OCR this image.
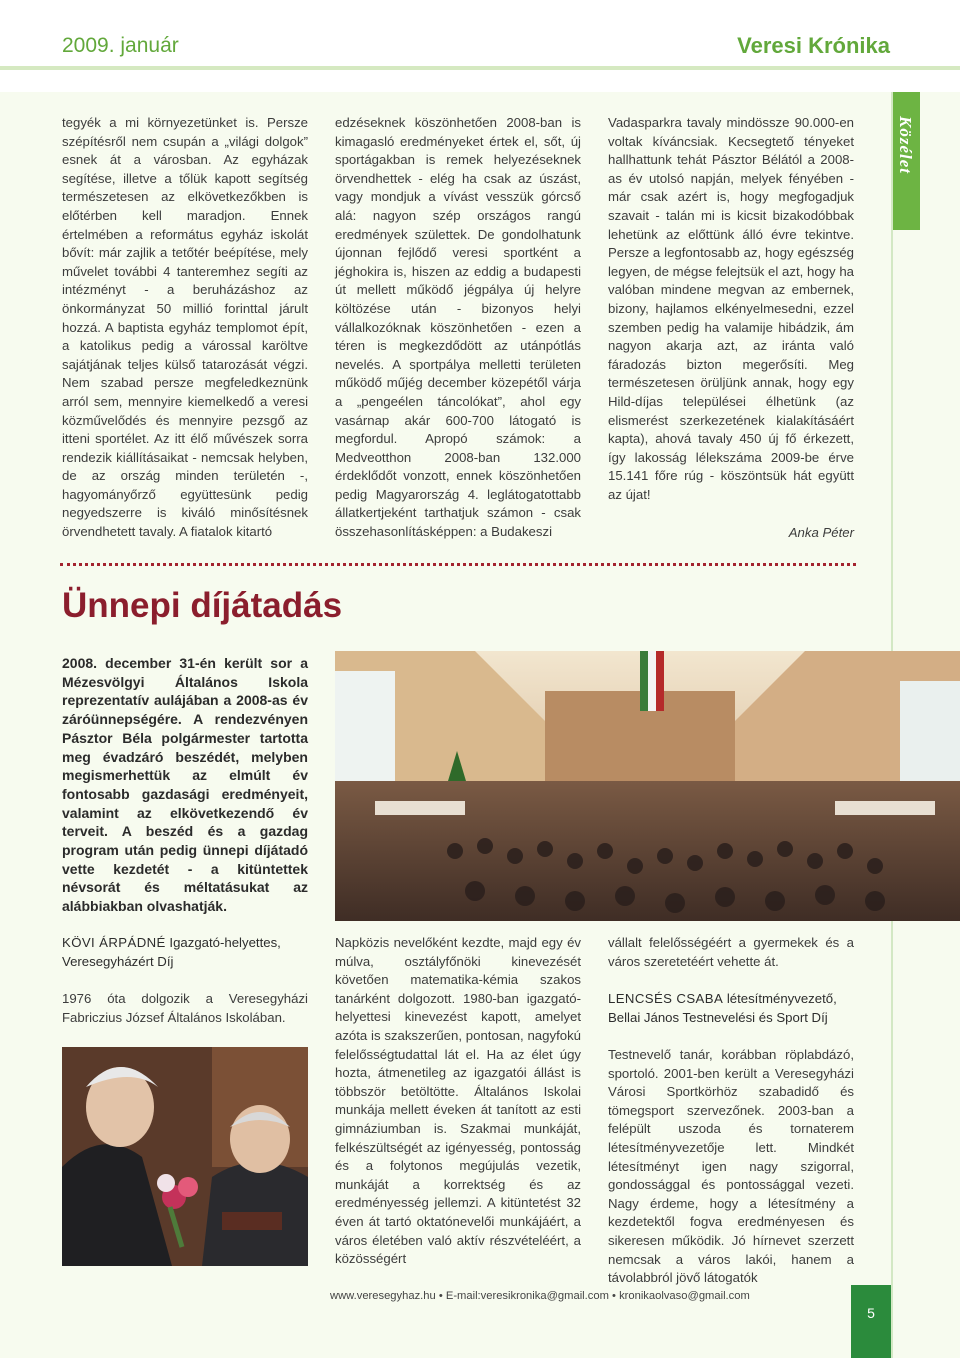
2009. január	Veresi Krónika
Közélet

tegyék a mi környezetünket is. Persze szépítésről nem csupán a „világi dolgok” esnek át a városban. Az egyházak segítése, illetve a tőlük kapott segítség természetesen az elkövetkezőkben is előtérben kell maradjon. Ennek értelmében a református egyház iskolát bővít: már zajlik a tetőtér beépítése, mely művelet további 4 tanteremhez segíti az intézményt - a beruházáshoz az önkormányzat 50 millió forinttal járult hozzá. A baptista egyház templomot épít, a katolikus pedig a várossal karöltve sajátjának teljes külső tatarozását végzi. Nem szabad persze megfeledkeznünk arról sem, mennyire kiemelkedő a veresi közművelődés és mennyire pezsgő az itteni sportélet. Az itt élő művészek sorra rendezik kiállításaikat - nemcsak helyben, de az ország minden területén -, hagyományőrző együttesünk pedig negyedszerre is kiváló minősítésnek örvendhetett tavaly. A fiatalok kitartó

edzéseknek köszönhetően 2008-ban is kimagasló eredményeket értek el, sőt, új sportágakban is remek helyezéseknek örvendhettek - elég ha csak az úszást, vagy mondjuk a vívást vesszük górcső alá: nagyon szép országos rangú eredmények születtek. De gondolhatunk újonnan fejlődő veresi sportként a jéghokira is, hiszen az eddig a budapesti út mellett működő jégpálya új helyre költözése után - bizonyos helyi vállalkozóknak köszönhetően - ezen a téren is megkezdődött az utánpótlás nevelés. A sportpálya melletti területen működő műjég december közepétől várja a „pengeélen táncolókat”, ahol egy vasárnap akár 600-700 látogató is megfordul. Apropó számok: a Medveotthon 2008-ban 132.000 érdeklődőt vonzott, ennek köszönhetően pedig Magyarország 4. leglátogatottabb állatkertjeként tarthatjuk számon - csak összehasonlításképpen: a Budakeszi

Vadasparkra tavaly mindössze 90.000-en voltak kíváncsiak. Kecsegtető tényeket hallhattunk tehát Pásztor Bélától a 2008-as év utolsó napján, melyek fényében - már csak azért is, hogy megfogadjuk szavait - talán mi is kicsit bizakodóbbak lehetünk az előttünk álló évre tekintve. Persze a legfontosabb az, hogy egészség legyen, de mégse felejtsük el azt, hogy ha valóban mindene megvan az embernek, bizony, hajlamos elkényelmesedni, ezzel szemben pedig ha valamije hibádzik, ám nagyon akarja azt, az iránta való fáradozás bizton megerősíti. Meg természetesen örüljünk annak, hogy egy Hild-díjas települései élhetünk (az elismerést szerkezetének kialakításáért kapta), ahová tavaly 450 új fő érkezett, így lakosság lélekszáma 2009-be érve 15.141 főre rúg - köszöntsük hát együtt az újat!

Anka Péter
Ünnepi díjátadás

2008. december 31-én került sor a Mézesvölgyi Általános Iskola reprezentatív aulájában a 2008-as év záróünnepségére. A rendezvényen Pásztor Béla polgármester tartotta meg évadzáró beszédét, melyben megismerhettük az elmúlt év fontosabb gazdasági eredményeit, valamint az elkövetkezendő év terveit. A beszéd és a gazdag program után pedig ünnepi díjátadó vette kezdetét - a kitüntettek névsorát és méltatásukat az alábbiakban olvashatják.

KÖVI ÁRPÁDNÉ Igazgató-helyettes, Veresegyházért Díj

1976 óta dolgozik a Veresegyházi Fabriczius József Általános Iskolában.

Napközis nevelőként kezdte, majd egy év múlva, osztályfőnöki kinevezését követően matematika-kémia szakos tanárként dolgozott. 1980-ban igazgató-helyettesi kinevezést kapott, amelyet azóta is szakszerűen, pontosan, nagyfokú felelősségtudattal lát el. Ha az élet úgy hozta, átmenetileg az igazgatói állást is többször betöltötte. Általános Iskolai munkája mellett éveken át tanított az esti gimnáziumban is. Szakmai munkáját, felkészültségét az igényesség, pontosság és a folytonos megújulás vezetik, munkáját a korrektség és az eredményesség jellemzi. A kitüntetést 32 éven át tartó oktatónevelői munkájáért, a város életében való aktív részvételéért, a közösségért

vállalt felelősségéért a gyermekek és a város szeretetéért vehette át.

LENCSÉS CSABA létesítményvezető, Bellai János Testnevelési és Sport Díj

Testnevelő tanár, korábban röplabdázó, sportoló. 2001-ben került a Veresegyházi Városi Sportkörhöz szabadidő és tömegsport szervezőnek. 2003-ban a felépült uszoda és tornaterem létesítményvezetője lett. Mindkét létesítményt igen nagy szigorral, gondossággal és pontossággal vezeti. Nagy érdeme, hogy a létesítmény a kezdetektől fogva eredményesen és sikeresen működik. Jó hírnevet szerzett nemcsak a város lakói, hanem a távolabbról jövő látogatók

www.veresegyhaz.hu • E-mail:veresikronika@gmail.com • kronikaolvaso@gmail.com
5
